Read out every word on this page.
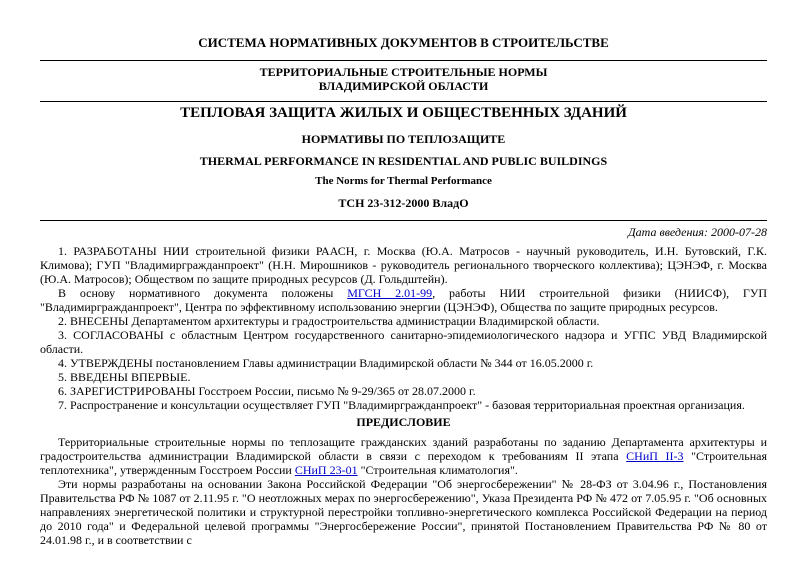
СИСТЕМА НОРМАТИВНЫХ ДОКУМЕНТОВ В СТРОИТЕЛЬСТВЕ
ТЕРРИТОРИАЛЬНЫЕ СТРОИТЕЛЬНЫЕ НОРМЫ
ВЛАДИМИРСКОЙ ОБЛАСТИ
ТЕПЛОВАЯ ЗАЩИТА ЖИЛЫХ И ОБЩЕСТВЕННЫХ ЗДАНИЙ
НОРМАТИВЫ ПО ТЕПЛОЗАЩИТЕ
THERMAL PERFORMANCE IN RESIDENTIAL AND PUBLIC BUILDINGS
The Norms for Thermal Performance
ТСН 23-312-2000 ВладО
Дата введения: 2000-07-28

1. РАЗРАБОТАНЫ НИИ строительной физики РААСН, г. Москва (Ю.А. Матросов - научный руководитель, И.Н. Бутовский, Г.К. Климова); ГУП "Владимиргражданпроект" (Н.Н. Мирошников - руководитель регионального творческого коллектива); ЦЭНЭФ, г. Москва (Ю.А. Матросов); Обществом по защите природных ресурсов (Д. Гольдштейн).

В основу нормативного документа положены МГСН 2.01-99, работы НИИ строительной физики (НИИСФ), ГУП "Владимиргражданпроект", Центра по эффективному использованию энергии (ЦЭНЭФ), Общества по защите природных ресурсов.

2. ВНЕСЕНЫ Департаментом архитектуры и градостроительства администрации Владимирской области.

3. СОГЛАСОВАНЫ с областным Центром государственного санитарно-эпидемиологического надзора и УГПС УВД Владимирской области.

4. УТВЕРЖДЕНЫ постановлением Главы администрации Владимирской области № 344 от 16.05.2000 г.

5. ВВЕДЕНЫ ВПЕРВЫЕ.

6. ЗАРЕГИСТРИРОВАНЫ Госстроем России, письмо № 9-29/365 от 28.07.2000 г.

7. Распространение и консультации осуществляет ГУП "Владимиргражданпроект" - базовая территориальная проектная организация.

ПРЕДИСЛОВИЕ

Территориальные строительные нормы по теплозащите гражданских зданий разработаны по заданию Департамента архитектуры и градостроительства администрации Владимирской области в связи с переходом к требованиям II этапа СНиП II-3 "Строительная теплотехника", утвержденным Госстроем России СНиП 23-01 "Строительная климатология".

Эти нормы разработаны на основании Закона Российской Федерации "Об энергосбережении" № 28-ФЗ от 3.04.96 г., Постановления Правительства РФ № 1087 от 2.11.95 г. "О неотложных мерах по энергосбережению", Указа Президента РФ № 472 от 7.05.95 г. "Об основных направлениях энергетической политики и структурной перестройки топливно-энергетического комплекса Российской Федерации на период до 2010 года" и Федеральной целевой программы "Энергосбережение России", принятой Постановлением Правительства РФ № 80 от 24.01.98 г., и в соответствии с
